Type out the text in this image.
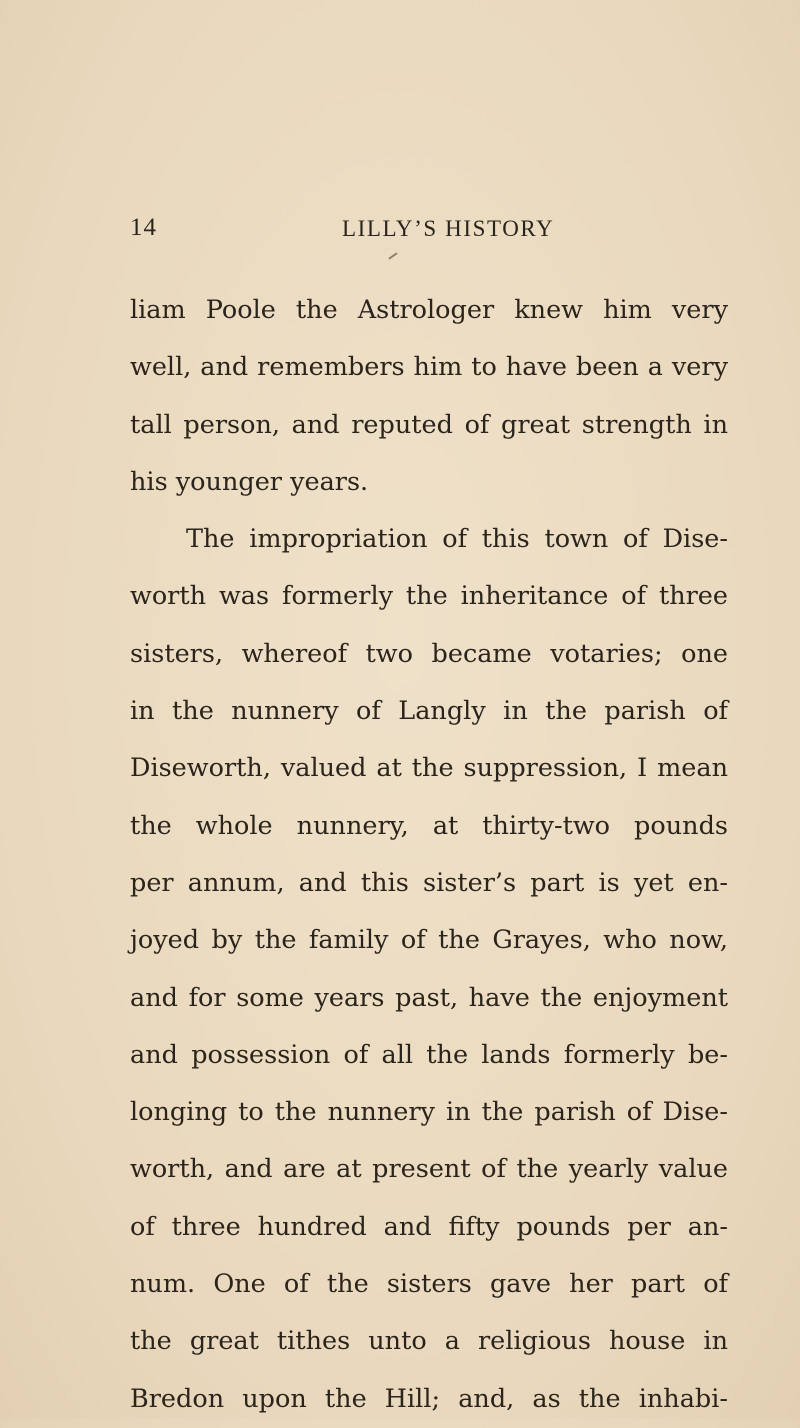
14	LILLY’S HISTORY
liam Poole the Astrologer knew him very
well, and remembers him to have been a very
tall person, and reputed of great strength in
his younger years.
The impropriation of this town of Dise-
worth was formerly the inheritance of three
sisters, whereof two became votaries; one
in the nunnery of Langly in the parish of
Diseworth, valued at the suppression, I mean
the whole nunnery, at thirty-two pounds
per annum, and this sister’s part is yet en-
joyed by the family of the Grayes, who now,
and for some years past, have the enjoyment
and possession of all the lands formerly be-
longing to the nunnery in the parish of Dise-
worth, and are at present of the yearly value
of three hundred and fifty pounds per an-
num. One of the sisters gave her part of
the great tithes unto a religious house in
Bredon upon the Hill; and, as the inhabi-
